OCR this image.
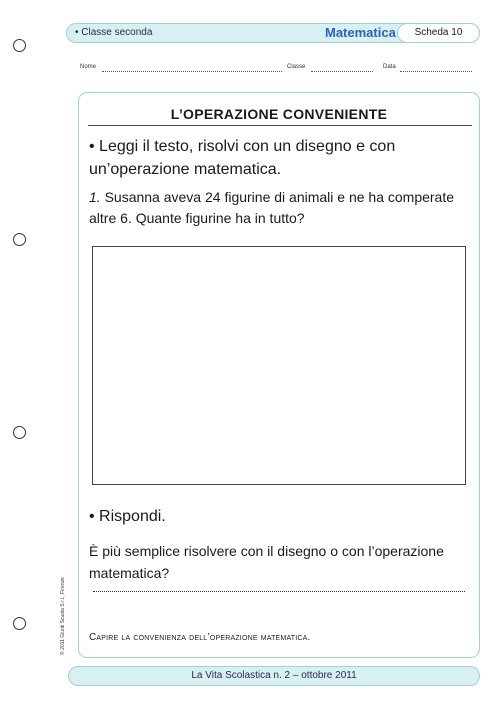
• Classe seconda	Matematica	Scheda 10
Nome	Classe	Data
L’OPERAZIONE CONVENIENTE
• Leggi il testo, risolvi con un disegno e con un’operazione matematica.
1. Susanna aveva 24 figurine di animali e ne ha comperate altre 6. Quante figurine ha in tutto?
• Rispondi.
È più semplice risolvere con il disegno o con l’operazione matematica?
Capire la convenienza dell’operazione matematica.
© 2011 Giunti Scuola S.r.l., Firenze
La Vita Scolastica n. 2 – ottobre 2011
